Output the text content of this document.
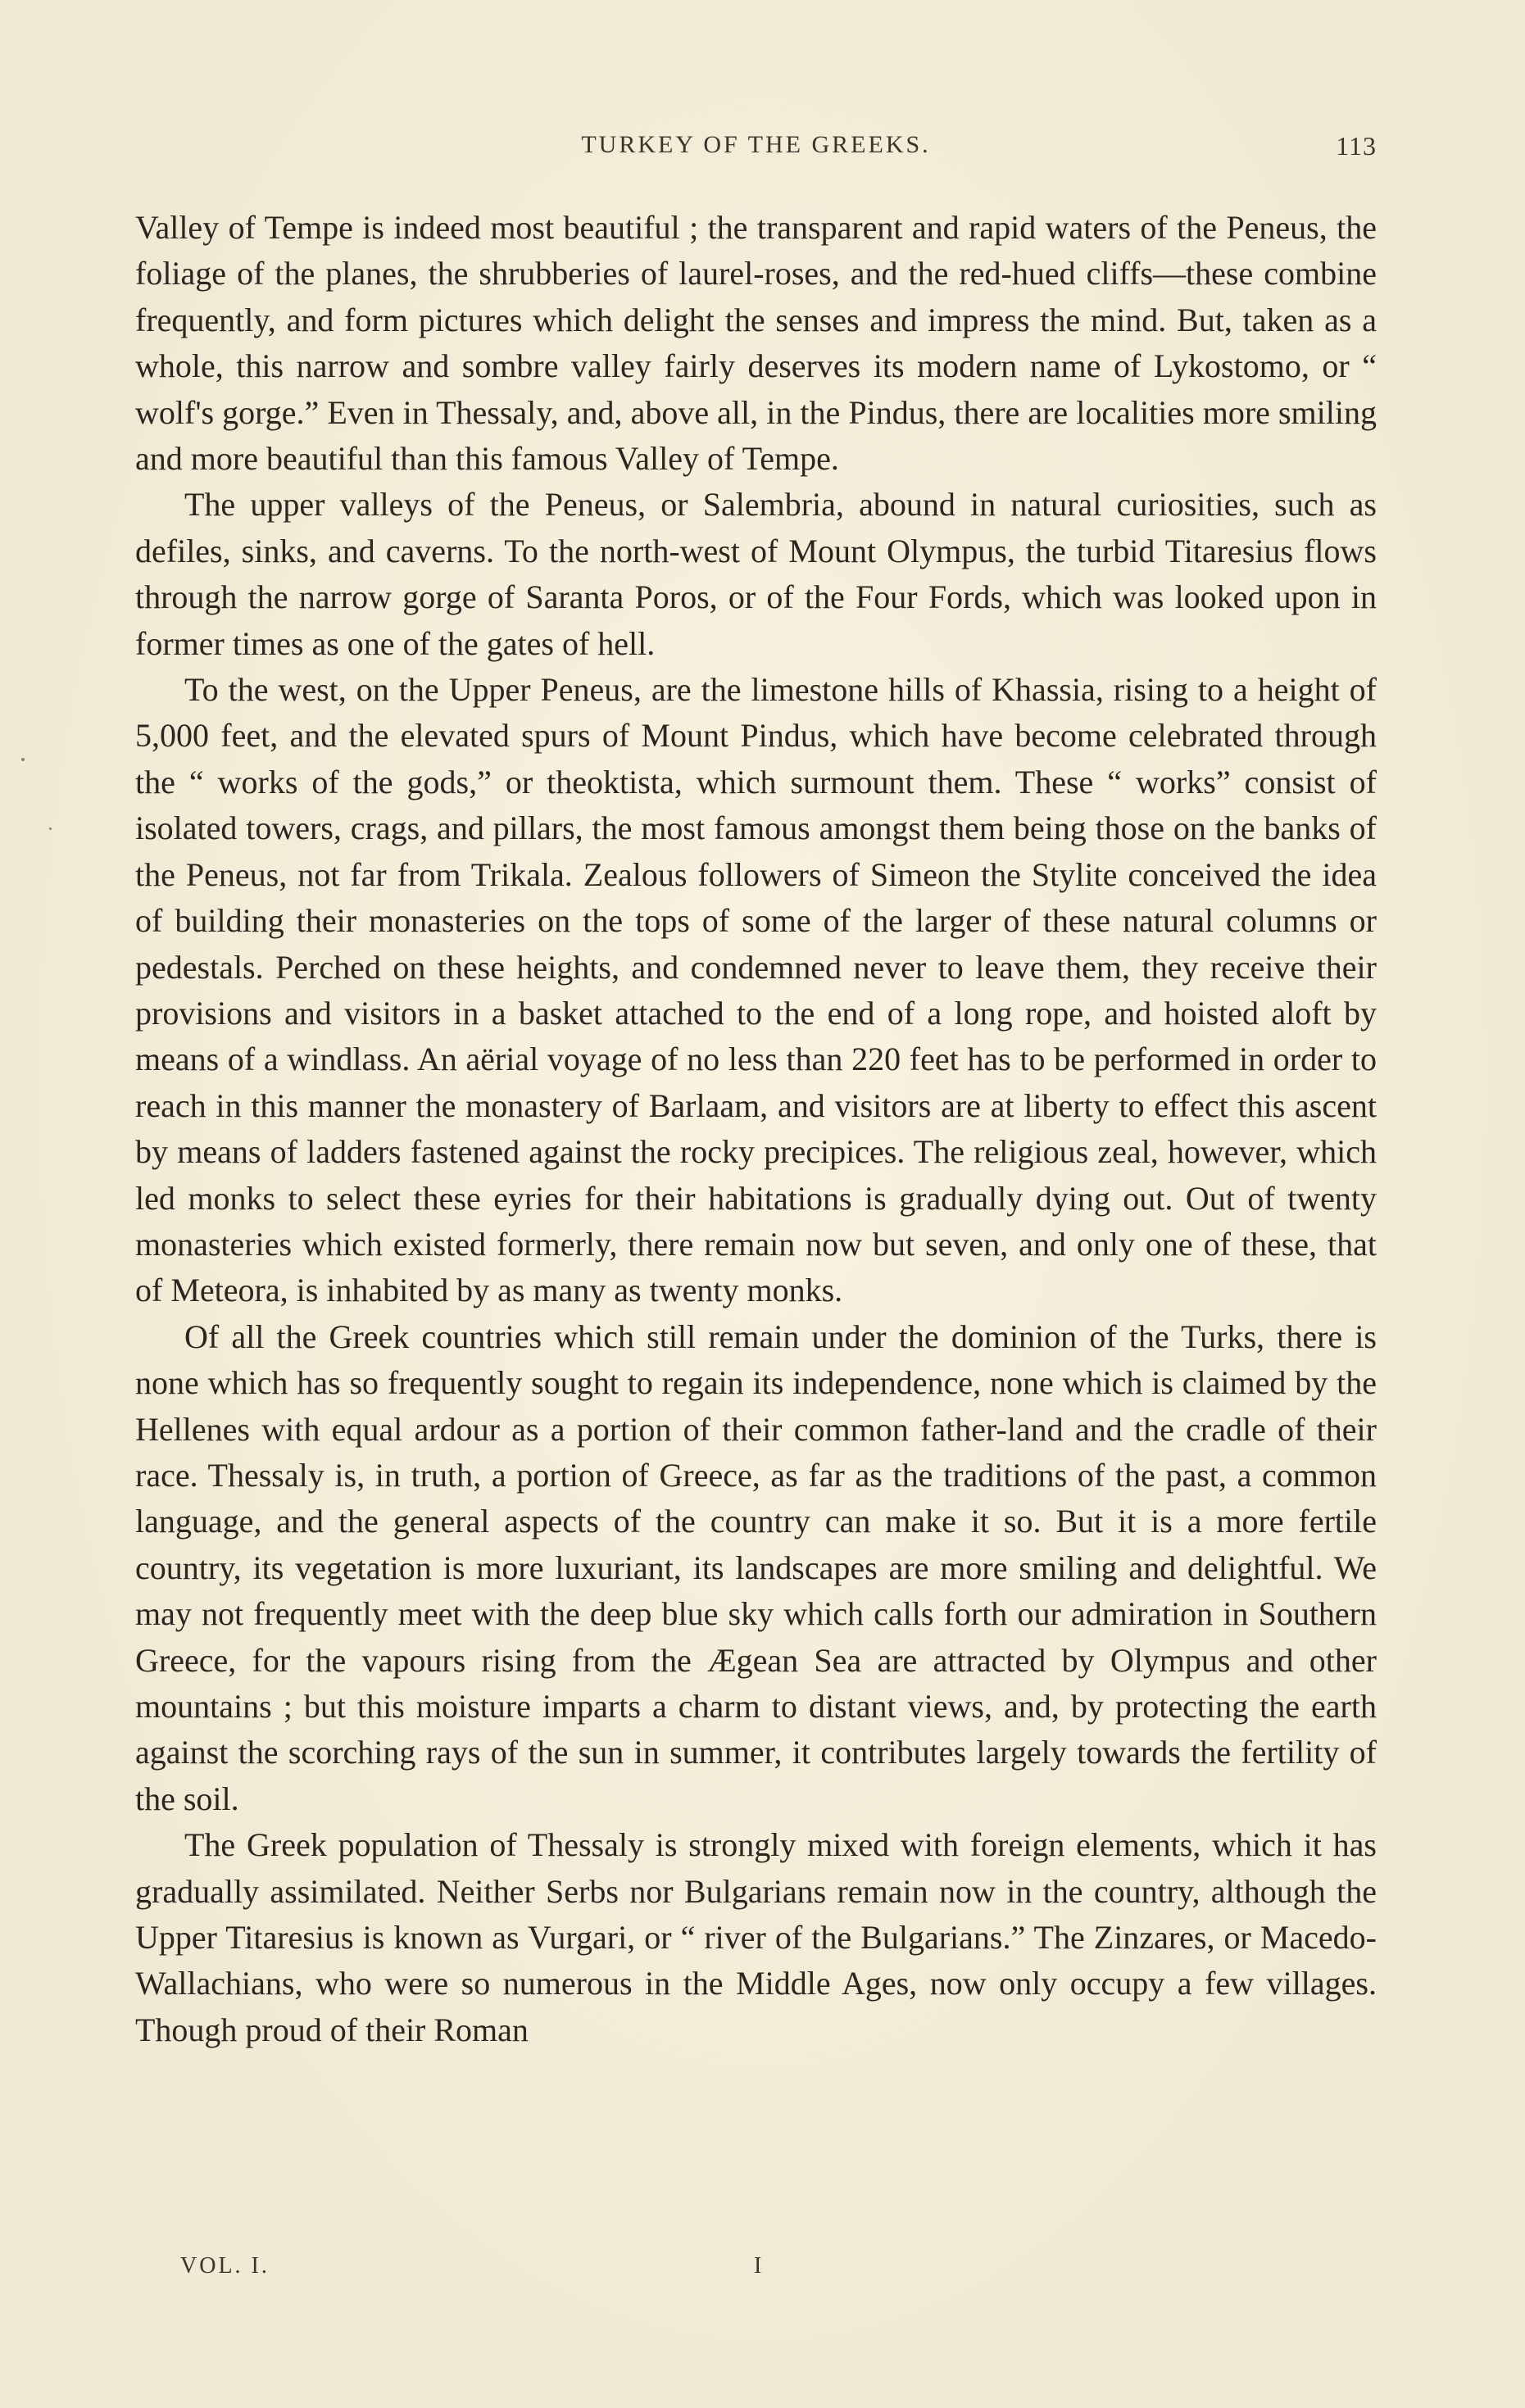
TURKEY OF THE GREEKS.	113

Valley of Tempe is indeed most beautiful ; the transparent and rapid waters of the Peneus, the foliage of the planes, the shrubberies of laurel-roses, and the red-hued cliffs—these combine frequently, and form pictures which delight the senses and impress the mind. But, taken as a whole, this narrow and sombre valley fairly deserves its modern name of Lykostomo, or “ wolf's gorge.” Even in Thessaly, and, above all, in the Pindus, there are localities more smiling and more beautiful than this famous Valley of Tempe.

The upper valleys of the Peneus, or Salembria, abound in natural curiosities, such as defiles, sinks, and caverns. To the north-west of Mount Olympus, the turbid Titaresius flows through the narrow gorge of Saranta Poros, or of the Four Fords, which was looked upon in former times as one of the gates of hell.

To the west, on the Upper Peneus, are the limestone hills of Khassia, rising to a height of 5,000 feet, and the elevated spurs of Mount Pindus, which have become celebrated through the “ works of the gods,” or theoktista, which surmount them. These “ works” consist of isolated towers, crags, and pillars, the most famous amongst them being those on the banks of the Peneus, not far from Trikala. Zealous followers of Simeon the Stylite conceived the idea of building their monasteries on the tops of some of the larger of these natural columns or pedestals. Perched on these heights, and condemned never to leave them, they receive their provisions and visitors in a basket attached to the end of a long rope, and hoisted aloft by means of a windlass. An aërial voyage of no less than 220 feet has to be performed in order to reach in this manner the monastery of Barlaam, and visitors are at liberty to effect this ascent by means of ladders fastened against the rocky precipices. The religious zeal, however, which led monks to select these eyries for their habitations is gradually dying out. Out of twenty monasteries which existed formerly, there remain now but seven, and only one of these, that of Meteora, is inhabited by as many as twenty monks.

Of all the Greek countries which still remain under the dominion of the Turks, there is none which has so frequently sought to regain its independence, none which is claimed by the Hellenes with equal ardour as a portion of their common father-land and the cradle of their race. Thessaly is, in truth, a portion of Greece, as far as the traditions of the past, a common language, and the general aspects of the country can make it so. But it is a more fertile country, its vegetation is more luxuriant, its landscapes are more smiling and delightful. We may not frequently meet with the deep blue sky which calls forth our admiration in Southern Greece, for the vapours rising from the Ægean Sea are attracted by Olympus and other mountains ; but this moisture imparts a charm to distant views, and, by protecting the earth against the scorching rays of the sun in summer, it contributes largely towards the fertility of the soil.

The Greek population of Thessaly is strongly mixed with foreign elements, which it has gradually assimilated. Neither Serbs nor Bulgarians remain now in the country, although the Upper Titaresius is known as Vurgari, or “ river of the Bulgarians.” The Zinzares, or Macedo-Wallachians, who were so numerous in the Middle Ages, now only occupy a few villages. Though proud of their Roman

VOL. I.	I
